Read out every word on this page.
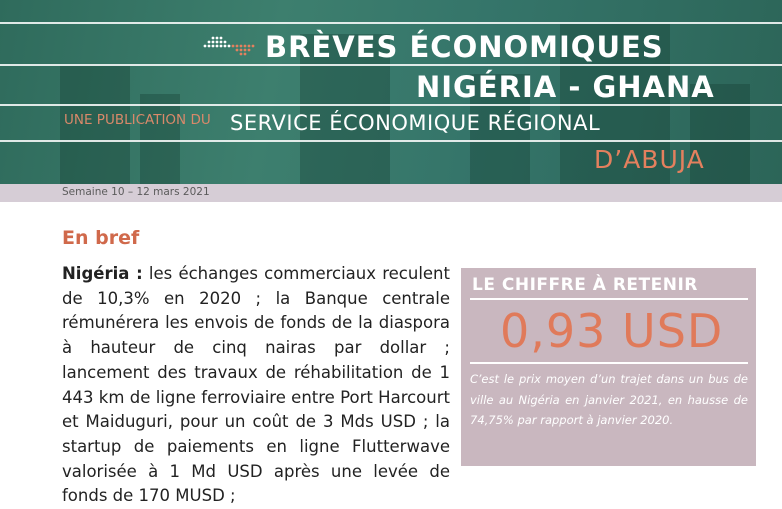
BRÈVES ÉCONOMIQUES
NIGÉRIA - GHANA
UNE PUBLICATION DU SERVICE ÉCONOMIQUE RÉGIONAL
D’ABUJA
Semaine 10 – 12 mars 2021
En bref
Nigéria : les échanges commerciaux reculent de 10,3% en 2020 ; la Banque centrale rémunérera les envois de fonds de la diaspora à hauteur de cinq nairas par dollar ; lancement des travaux de réhabilitation de 1 443 km de ligne ferroviaire entre Port Harcourt et Maiduguri, pour un coût de 3 Mds USD ; la startup de paiements en ligne Flutterwave valorisée à 1 Md USD après une levée de fonds de 170 MUSD ;
LE CHIFFRE À RETENIR
0,93 USD
C’est le prix moyen d’un trajet dans un bus de ville au Nigéria en janvier 2021, en hausse de 74,75% par rapport à janvier 2020.
